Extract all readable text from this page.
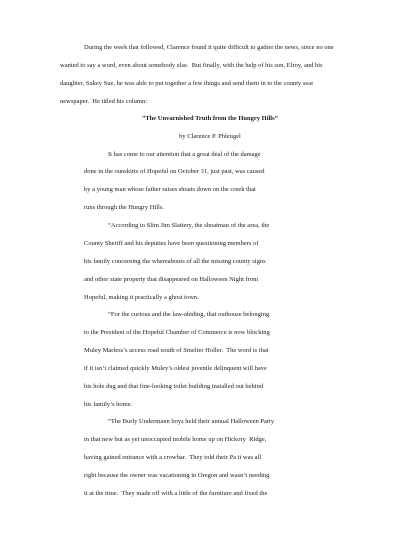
During the week that followed, Clarence found it quite difficult to gather the news, since no one
wanted to say a word, even about somebody else.  But finally, with the help of his son, Elroy, and his
daughter, Sukey Sue, he was able to put together a few things and send them in to the county seat
newspaper.  He titled his column:
“The Unvarnished Truth from the Hungry Hills”
by Clarence P. Phleugel
It has come to our attention that a great deal of the damage
done in the ounskirts of Hopeful on October 31, just past, was caused
by a young man whose father raises shoats down on the creek that
runs through the Hungry Hills.
“According to Slim Jim Slattery, the shoatman of the area, the
County Sheriff and his deputies have been questioning members of
his family concerning the whereabouts of all the missing county signs
and other state property that disappeared on Halloween Night from
Hopeful, making it practically a ghost town.
“For the curious and the law-abiding, that outhouse belonging
to the President of the Hopeful Chamber of Commerce is now blocking
Muley Marless’s access road south of Smelter Holler.  The word is that
if it isn’t claimed quickly Muley’s oldest juvenile delinquent will have
his hole dug and that fine-looking toilet building installed out behind
his family’s home.
“The Burly Undermann boys held their annual Halloween Party
in that new but as yet unoccupied mobile home up on Hickory  Ridge,
having gained entrance with a crowbar.  They told their Pa it was all
right because the owner was vacationing in Oregon and wasn’t needing
it at the time.  They made off with a little of the furniture and fixed the
